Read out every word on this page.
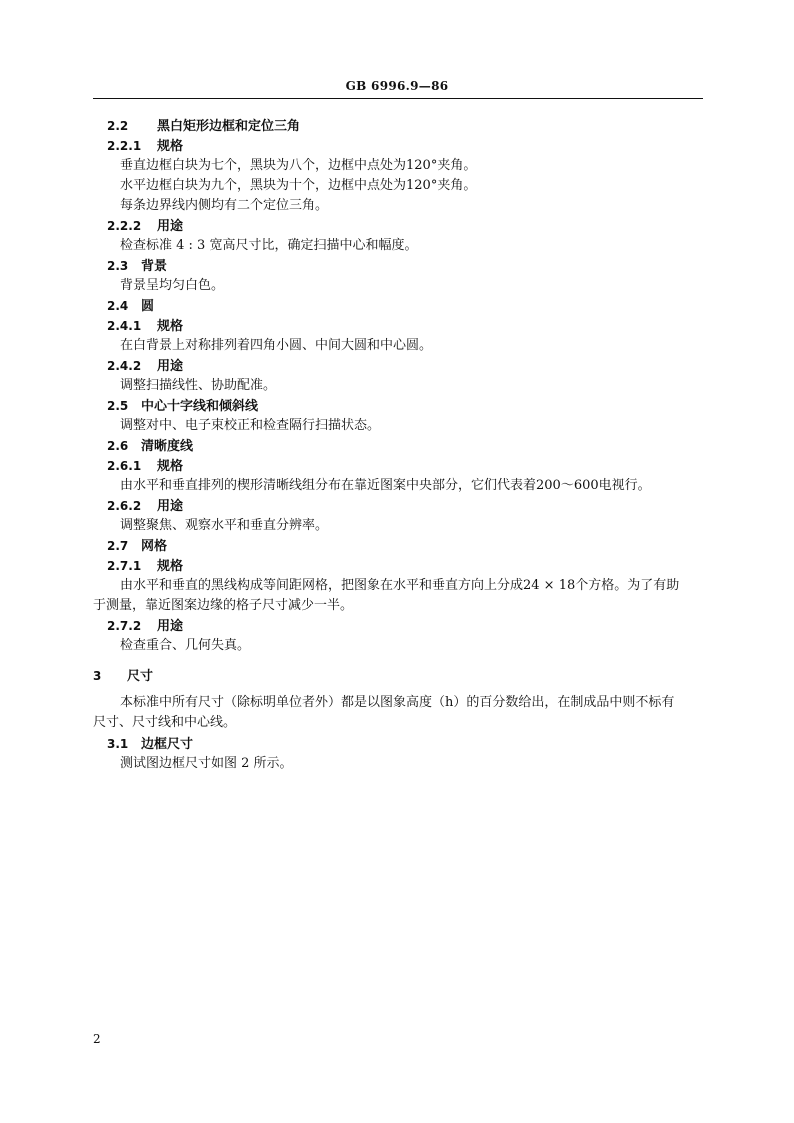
GB 6996.9—86
2.2 黑白矩形边框和定位三角
2.2.1 规格
垂直边框白块为七个，黑块为八个，边框中点处为120°夹角。
水平边框白块为九个，黑块为十个，边框中点处为120°夹角。
每条边界线内侧均有二个定位三角。
2.2.2 用途
检查标准 4 : 3 宽高尺寸比，确定扫描中心和幅度。
2.3 背景
背景呈均匀白色。
2.4 圆
2.4.1 规格
在白背景上对称排列着四角小圆、中间大圆和中心圆。
2.4.2 用途
调整扫描线性、协助配准。
2.5 中心十字线和倾斜线
调整对中、电子束校正和检查隔行扫描状态。
2.6 清晰度线
2.6.1 规格
由水平和垂直排列的楔形清晰线组分布在靠近图案中央部分，它们代表着200～600电视行。
2.6.2 用途
调整聚焦、观察水平和垂直分辨率。
2.7 网格
2.7.1 规格
由水平和垂直的黑线构成等间距网格，把图象在水平和垂直方向上分成24 × 18个方格。为了有助
于测量，靠近图案边缘的格子尺寸减少一半。
2.7.2 用途
检查重合、几何失真。
3 尺寸
本标准中所有尺寸（除标明单位者外）都是以图象高度（h）的百分数给出，在制成品中则不标有
尺寸、尺寸线和中心线。
3.1 边框尺寸
测试图边框尺寸如图 2 所示。
2
